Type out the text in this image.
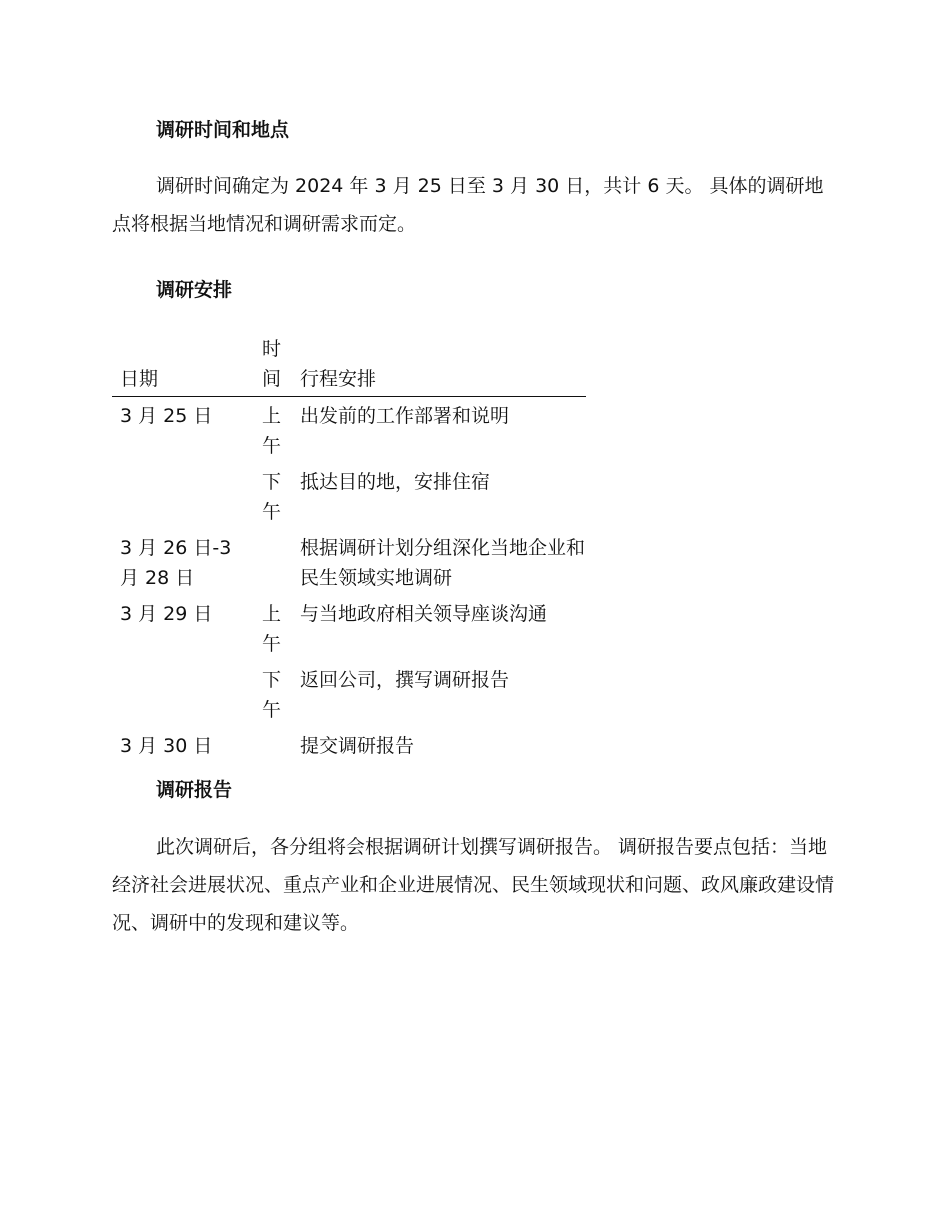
调研时间和地点

调研时间确定为 2024 年 3 月 25 日至 3 月 30 日，共计 6 天。 具体的调研地点将根据当地情况和调研需求而定。

调研安排
日期	时间	行程安排
3 月 25 日	上午	出发前的工作部署和说明

	下午	抵达目的地，安排住宿
3 月 26 日-3 月 28 日		根据调研计划分组深化当地企业和民生领域实地调研
3 月 29 日	上午	与当地政府相关领导座谈沟通

	下午	返回公司，撰写调研报告
3 月 30 日		提交调研报告
调研报告

此次调研后，各分组将会根据调研计划撰写调研报告。 调研报告要点包括：当地经济社会进展状况、重点产业和企业进展情况、民生领域现状和问题、政风廉政建设情况、调研中的发现和建议等。
